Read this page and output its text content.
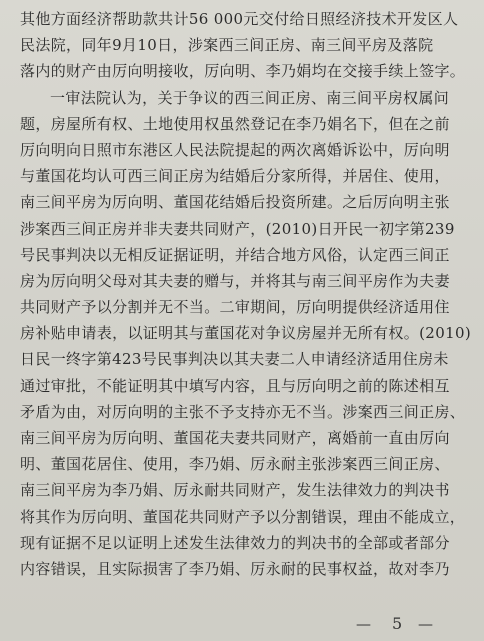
其他方面经济帮助款共计56 000元交付给日照经济技术开发区人
民法院，同年9月10日，涉案西三间正房、南三间平房及落院
落内的财产由厉向明接收，厉向明、李乃娟均在交接手续上签字。
一审法院认为，关于争议的西三间正房、南三间平房权属问
题，房屋所有权、土地使用权虽然登记在李乃娟名下，但在之前
厉向明向日照市东港区人民法院提起的两次离婚诉讼中，厉向明
与董国花均认可西三间正房为结婚后分家所得，并居住、使用，
南三间平房为厉向明、董国花结婚后投资所建。之后厉向明主张
涉案西三间正房并非夫妻共同财产，(2010)日开民一初字第239
号民事判决以无相反证据证明，并结合地方风俗，认定西三间正
房为厉向明父母对其夫妻的赠与，并将其与南三间平房作为夫妻
共同财产予以分割并无不当。二审期间，厉向明提供经济适用住
房补贴申请表，以证明其与董国花对争议房屋并无所有权。(2010)
日民一终字第423号民事判决以其夫妻二人申请经济适用住房未
通过审批，不能证明其中填写内容，且与厉向明之前的陈述相互
矛盾为由，对厉向明的主张不予支持亦无不当。涉案西三间正房、
南三间平房为厉向明、董国花夫妻共同财产，离婚前一直由厉向
明、董国花居住、使用，李乃娟、厉永耐主张涉案西三间正房、
南三间平房为李乃娟、厉永耐共同财产，发生法律效力的判决书
将其作为厉向明、董国花共同财产予以分割错误，理由不能成立，
现有证据不足以证明上述发生法律效力的判决书的全部或者部分
内容错误，且实际损害了李乃娟、厉永耐的民事权益，故对李乃
— 5 —
